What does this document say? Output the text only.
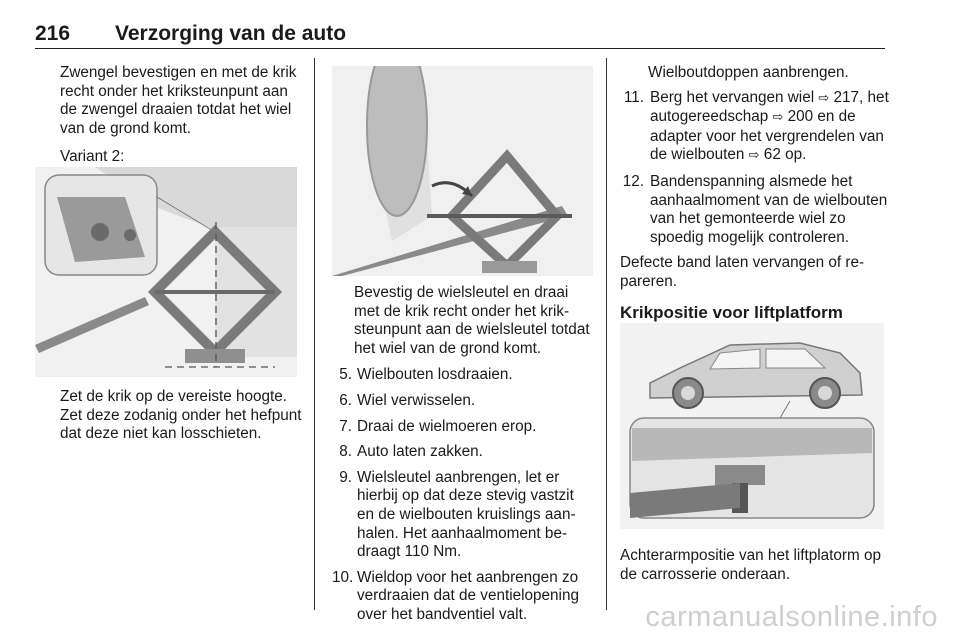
216 Verzorging van de auto

Zwengel bevestigen en met de krik recht onder het kriksteunpunt aan de zwengel draaien totdat het wiel van de grond komt.

Variant 2:

Zet de krik op de vereiste hoogte. Zet deze zodanig onder het hefpunt dat deze niet kan losschieten.

Bevestig de wielsleutel en draai met de krik recht onder het kriksteunpunt aan de wielsleutel totdat het wiel van de grond komt.

5. Wielbouten losdraaien.
6. Wiel verwisselen.
7. Draai de wielmoeren erop.
8. Auto laten zakken.
9. Wielsleutel aanbrengen, let er hierbij op dat deze stevig vastzit en de wielbouten kruislings aanhalen. Het aanhaalmoment bedraagt 110 Nm.
10. Wieldop voor het aanbrengen zo verdraaien dat de ventielopening over het bandventiel valt.

Wielboutdoppen aanbrengen.

11. Berg het vervangen wiel ⇨ 217, het autogereedschap ⇨ 200 en de adapter voor het vergrendelen van de wielbouten ⇨ 62 op.
12. Bandenspanning alsmede het aanhaalmoment van de wielbouten van het gemonteerde wiel zo spoedig mogelijk controleren.

Defecte band laten vervangen of repareren.

Krikpositie voor liftplatform

Achterarmpositie van het liftplatorm op de carrosserie onderaan.

carmanualsonline.info
